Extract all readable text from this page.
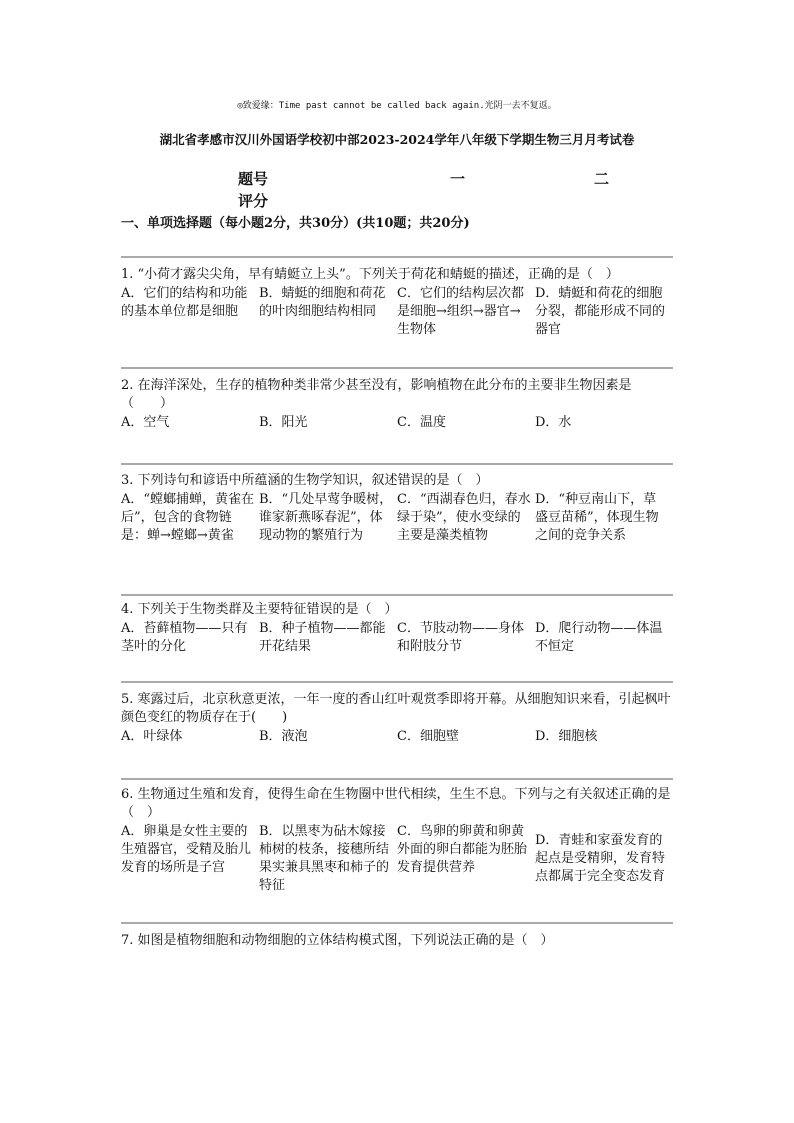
◎致爱缘：Time past cannot be called back again.光阴一去不复返。
湖北省孝感市汉川外国语学校初中部2023-2024学年八年级下学期生物三月月考试卷
题号	一	二
评分
一、单项选择题（每小题2分，共30分）(共10题；共20分)

1. “小荷才露尖尖角，早有蜻蜓立上头”。下列关于荷花和蜻蜓的描述，正确的是（　）

A．它们的结构和功能的基本单位都是细胞
B．蜻蜓的细胞和荷花的叶肉细胞结构相同
C．它们的结构层次都是细胞→组织→器官→生物体
D．蜻蜓和荷花的细胞分裂，都能形成不同的器官

2. 在海洋深处，生存的植物种类非常少甚至没有，影响植物在此分布的主要非生物因素是（　　）

A．空气	B．阳光	C．温度	D．水

3. 下列诗句和谚语中所蕴涵的生物学知识，叙述错误的是（　）

A．“螳螂捕蝉，黄雀在后”，包含的食物链是：蝉→螳螂→黄雀
B．“几处早莺争暖树，谁家新燕啄春泥”，体现动物的繁殖行为
C．“西湖春色归，春水绿于染”，使水变绿的主要是藻类植物
D．“种豆南山下，草盛豆苗稀”，体现生物之间的竞争关系

4. 下列关于生物类群及主要特征错误的是（　）

A．苔藓植物——只有茎叶的分化
B．种子植物——都能开花结果
C．节肢动物——身体和附肢分节
D．爬行动物——体温不恒定

5. 寒露过后，北京秋意更浓，一年一度的香山红叶观赏季即将开幕。从细胞知识来看，引起枫叶颜色变红的物质存在于(　　)

A．叶绿体	B．液泡	C．细胞壁	D．细胞核

6. 生物通过生殖和发育，使得生命在生物圈中世代相续，生生不息。下列与之有关叙述正确的是（　）

A．卵巢是女性主要的生殖器官，受精及胎儿发育的场所是子宫
B．以黑枣为砧木嫁接柿树的枝条，接穗所结果实兼具黑枣和柿子的特征
C．鸟卵的卵黄和卵黄外面的卵白都能为胚胎发育提供营养
D．青蛙和家蚕发育的起点是受精卵，发育特点都属于完全变态发育

7. 如图是植物细胞和动物细胞的立体结构模式图，下列说法正确的是（　）
